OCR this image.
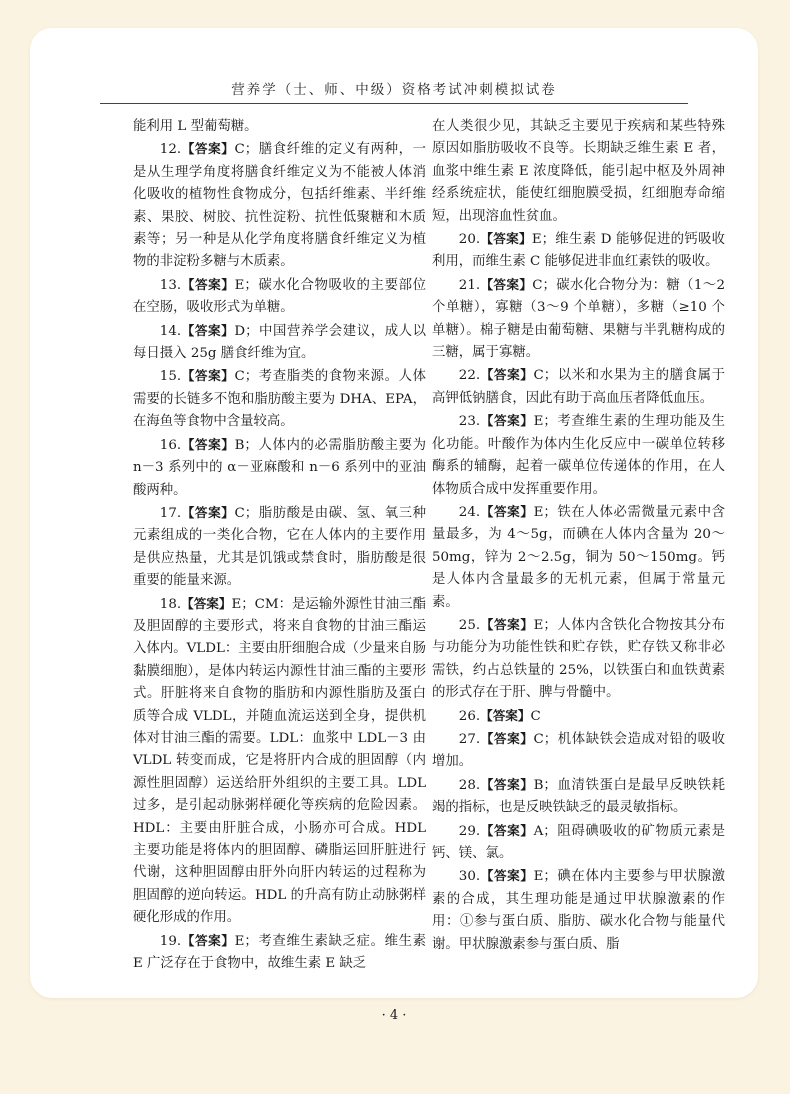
营养学（士、师、中级）资格考试冲刺模拟试卷

能利用 L 型葡萄糖。

12.【答案】C；膳食纤维的定义有两种，一是从生理学角度将膳食纤维定义为不能被人体消化吸收的植物性食物成分，包括纤维素、半纤维素、果胶、树胶、抗性淀粉、抗性低聚糖和木质素等；另一种是从化学角度将膳食纤维定义为植物的非淀粉多糖与木质素。

13.【答案】E；碳水化合物吸收的主要部位在空肠，吸收形式为单糖。

14.【答案】D；中国营养学会建议，成人以每日摄入 25g 膳食纤维为宜。

15.【答案】C；考查脂类的食物来源。人体需要的长链多不饱和脂肪酸主要为 DHA、EPA，在海鱼等食物中含量较高。

16.【答案】B；人体内的必需脂肪酸主要为 n－3 系列中的 α－亚麻酸和 n－6 系列中的亚油酸两种。

17.【答案】C；脂肪酸是由碳、氢、氧三种元素组成的一类化合物，它在人体内的主要作用是供应热量，尤其是饥饿或禁食时，脂肪酸是很重要的能量来源。

18.【答案】E；CM：是运输外源性甘油三酯及胆固醇的主要形式，将来自食物的甘油三酯运入体内。VLDL：主要由肝细胞合成（少量来自肠黏膜细胞），是体内转运内源性甘油三酯的主要形式。肝脏将来自食物的脂肪和内源性脂肪及蛋白质等合成 VLDL，并随血流运送到全身，提供机体对甘油三酯的需要。LDL：血浆中 LDL－3 由 VLDL 转变而成，它是将肝内合成的胆固醇（内源性胆固醇）运送给肝外组织的主要工具。LDL 过多，是引起动脉粥样硬化等疾病的危险因素。HDL：主要由肝脏合成，小肠亦可合成。HDL 主要功能是将体内的胆固醇、磷脂运回肝脏进行代谢，这种胆固醇由肝外向肝内转运的过程称为胆固醇的逆向转运。HDL 的升高有防止动脉粥样硬化形成的作用。

19.【答案】E；考查维生素缺乏症。维生素 E 广泛存在于食物中，故维生素 E 缺乏

在人类很少见，其缺乏主要见于疾病和某些特殊原因如脂肪吸收不良等。长期缺乏维生素 E 者，血浆中维生素 E 浓度降低，能引起中枢及外周神经系统症状，能使红细胞膜受损，红细胞寿命缩短，出现溶血性贫血。

20.【答案】E；维生素 D 能够促进的钙吸收利用，而维生素 C 能够促进非血红素铁的吸收。

21.【答案】C；碳水化合物分为：糖（1～2 个单糖），寡糖（3～9 个单糖），多糖（≥10 个单糖）。棉子糖是由葡萄糖、果糖与半乳糖构成的三糖，属于寡糖。

22.【答案】C；以米和水果为主的膳食属于高钾低钠膳食，因此有助于高血压者降低血压。

23.【答案】E；考查维生素的生理功能及生化功能。叶酸作为体内生化反应中一碳单位转移酶系的辅酶，起着一碳单位传递体的作用，在人体物质合成中发挥重要作用。

24.【答案】E；铁在人体必需微量元素中含量最多，为 4～5g，而碘在人体内含量为 20～50mg，锌为 2～2.5g，铜为 50～150mg。钙是人体内含量最多的无机元素，但属于常量元素。

25.【答案】E；人体内含铁化合物按其分布与功能分为功能性铁和贮存铁，贮存铁又称非必需铁，约占总铁量的 25%，以铁蛋白和血铁黄素的形式存在于肝、脾与骨髓中。

26.【答案】C

27.【答案】C；机体缺铁会造成对铅的吸收增加。

28.【答案】B；血清铁蛋白是最早反映铁耗竭的指标，也是反映铁缺乏的最灵敏指标。

29.【答案】A；阻碍碘吸收的矿物质元素是钙、镁、氯。

30.【答案】E；碘在体内主要参与甲状腺激素的合成，其生理功能是通过甲状腺激素的作用：①参与蛋白质、脂肪、碳水化合物与能量代谢。甲状腺激素参与蛋白质、脂

· 4 ·
